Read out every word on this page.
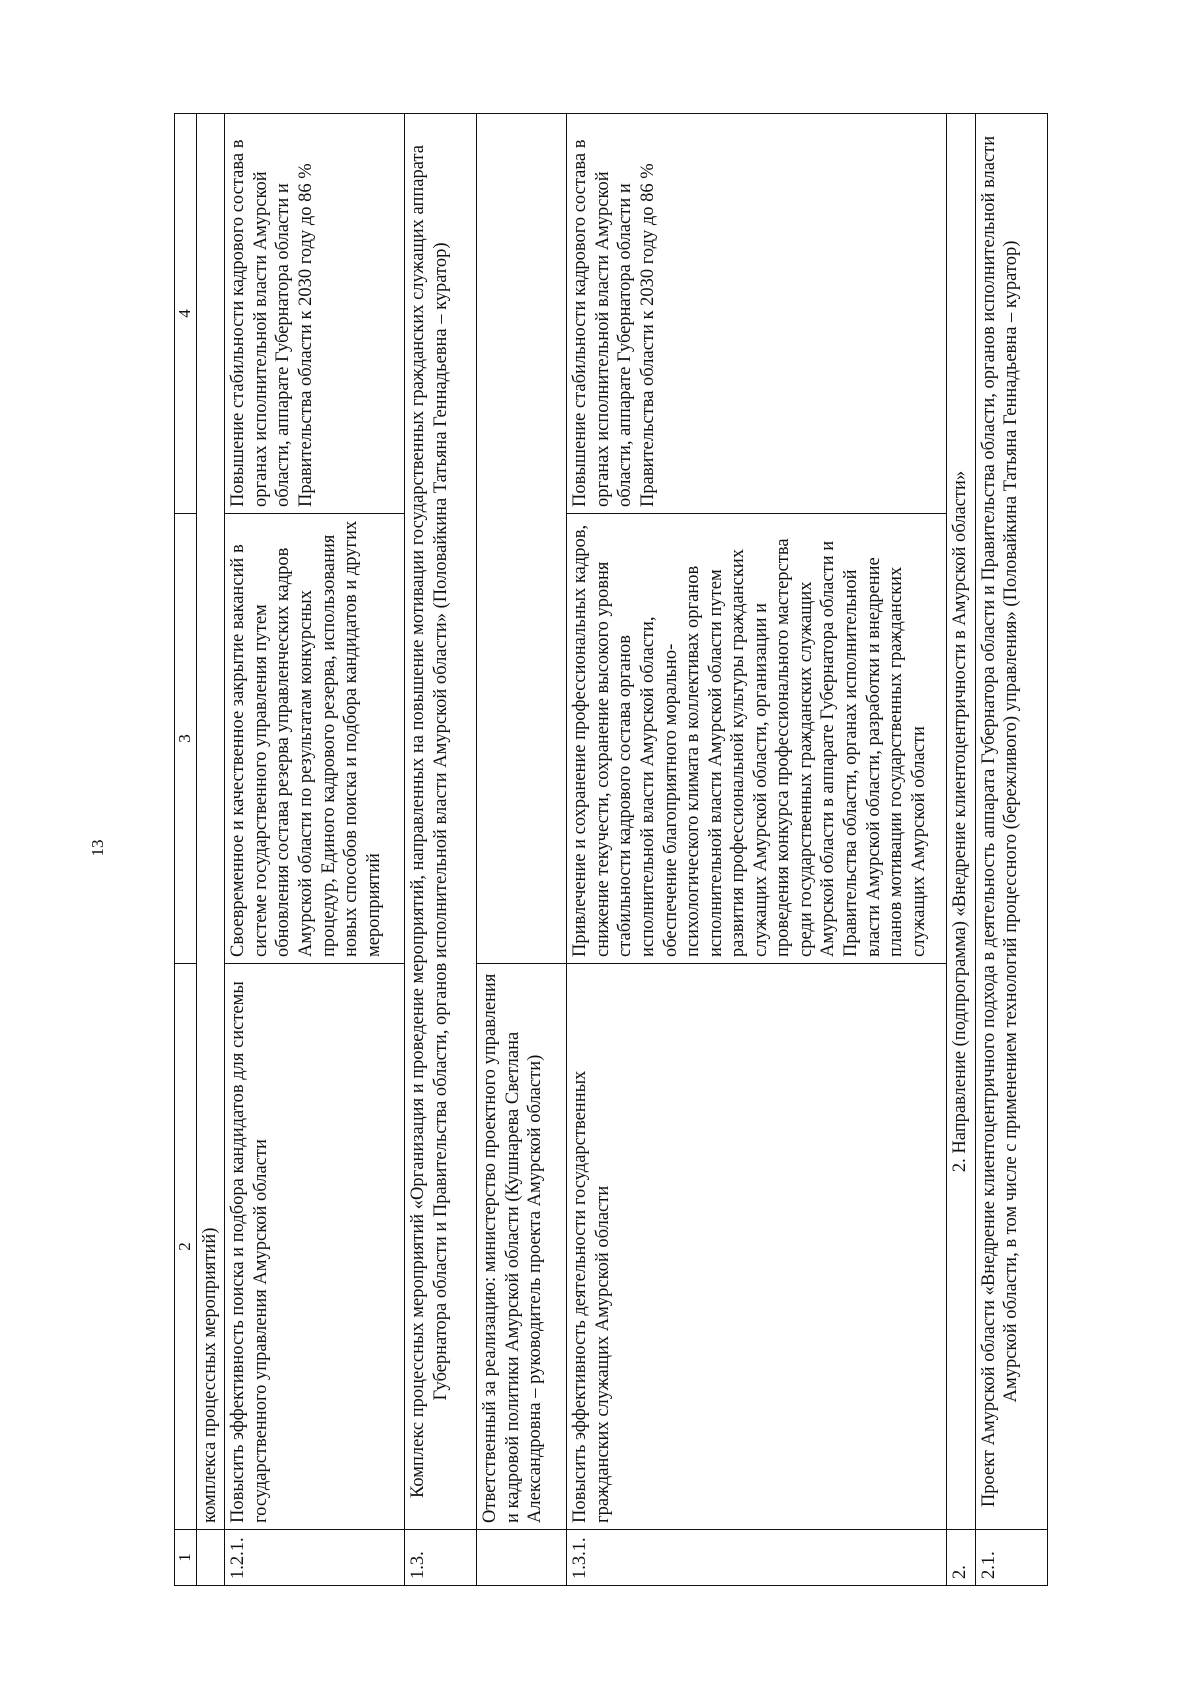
13
1	2	3	4
	комплекса процессных мероприятий)		
1.2.1.	Повысить эффективность поиска и подбора кандидатов для системы государственного управления Амурской области	Своевременное и качественное закрытие вакансий в системе государственного управления путем обновления состава резерва управленческих кадров Амурской области по результатам конкурсных процедур, Единого кадрового резерва, использования новых способов поиска и подбора кандидатов и других мероприятий	Повышение стабильности кадрового состава в органах исполнительной власти Амурской области, аппарате Губернатора области и Правительства области к 2030 году до 86 %
1.3.	Комплекс процессных мероприятий «Организация и проведение мероприятий, направленных на повышение мотивации государственных гражданских служащих аппарата Губернатора области и Правительства области, органов исполнительной власти Амурской области» (Половайкина Татьяна Геннадьевна – куратор)		
	Ответственный за реализацию: министерство проектного управления и кадровой политики Амурской области (Кушнарева Светлана Александровна – руководитель проекта Амурской области)		
1.3.1.	Повысить эффективность деятельности государственных гражданских служащих Амурской области	Привлечение и сохранение профессиональных кадров, снижение текучести, сохранение высокого уровня стабильности кадрового состава органов исполнительной власти Амурской области, обеспечение благоприятного морально-психологического климата в коллективах органов исполнительной власти Амурской области путем развития профессиональной культуры гражданских служащих Амурской области, организации и проведения конкурса профессионального мастерства среди государственных гражданских служащих Амурской области в аппарате Губернатора области и Правительства области, органах исполнительной власти Амурской области, разработки и внедрение планов мотивации государственных гражданских служащих Амурской области	Повышение стабильности кадрового состава в органах исполнительной власти Амурской области, аппарате Губернатора области и Правительства области к 2030 году до 86 %
2.	2. Направление (подпрограмма) «Внедрение клиентоцентричности в Амурской области»		
2.1.	Проект Амурской области «Внедрение клиентоцентричного подхода в деятельность аппарата Губернатора области и Правительства области, органов исполнительной власти Амурской области, в том числе с применением технологий процессного (бережливого) управления» (Половайкина Татьяна Геннадьевна – куратор)		
